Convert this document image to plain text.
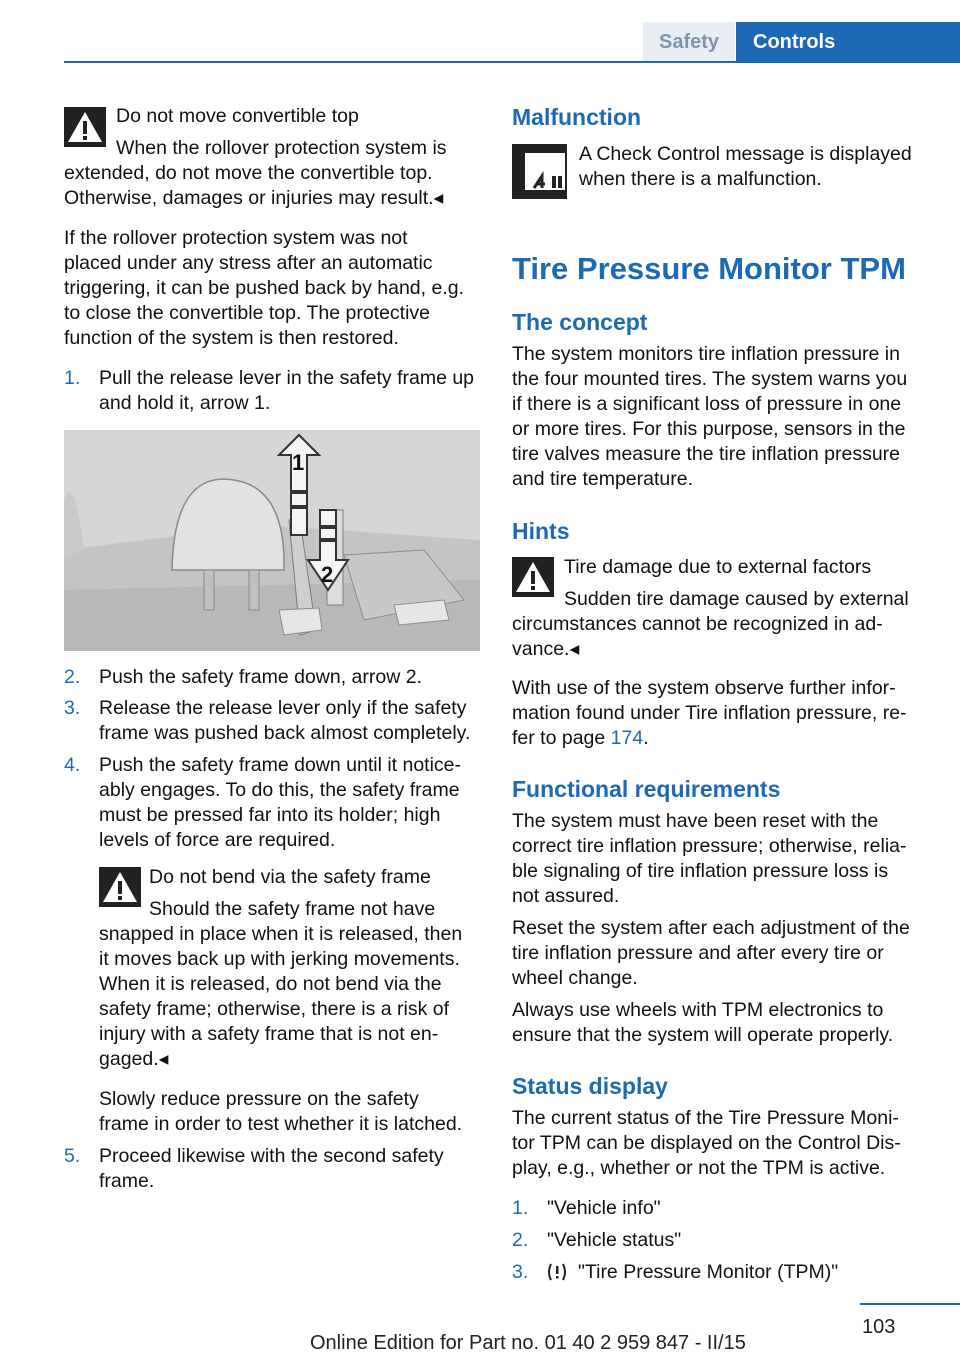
Safety	Controls
Do not move convertible top
When the rollover protection system is
extended, do not move the convertible top.
Otherwise, damages or injuries may result.◂
If the rollover protection system was not
placed under any stress after an automatic
triggering, it can be pushed back by hand, e.g.
to close the convertible top. The protective
function of the system is then restored.
1. Pull the release lever in the safety frame up
and hold it, arrow 1.
1
2
2. Push the safety frame down, arrow 2.
3. Release the release lever only if the safety
frame was pushed back almost completely.
4. Push the safety frame down until it notice‐
ably engages. To do this, the safety frame
must be pressed far into its holder; high
levels of force are required.
Do not bend via the safety frame
Should the safety frame not have
snapped in place when it is released, then
it moves back up with jerking movements.
When it is released, do not bend via the
safety frame; otherwise, there is a risk of
injury with a safety frame that is not en‐
gaged.◂
Slowly reduce pressure on the safety
frame in order to test whether it is latched.
5. Proceed likewise with the second safety
frame.
Malfunction
A Check Control message is displayed
when there is a malfunction.
Tire Pressure Monitor TPM
The concept
The system monitors tire inflation pressure in
the four mounted tires. The system warns you
if there is a significant loss of pressure in one
or more tires. For this purpose, sensors in the
tire valves measure the tire inflation pressure
and tire temperature.
Hints
Tire damage due to external factors
Sudden tire damage caused by external
circumstances cannot be recognized in ad‐
vance.◂
With use of the system observe further infor‐
mation found under Tire inflation pressure, re‐
fer to page 174.
Functional requirements
The system must have been reset with the
correct tire inflation pressure; otherwise, relia‐
ble signaling of tire inflation pressure loss is
not assured.
Reset the system after each adjustment of the
tire inflation pressure and after every tire or
wheel change.
Always use wheels with TPM electronics to
ensure that the system will operate properly.
Status display
The current status of the Tire Pressure Moni‐
tor TPM can be displayed on the Control Dis‐
play, e.g., whether or not the TPM is active.
1. "Vehicle info"
2. "Vehicle status"
3.	"Tire Pressure Monitor (TPM)"
103
Online Edition for Part no. 01 40 2 959 847 - II/15
